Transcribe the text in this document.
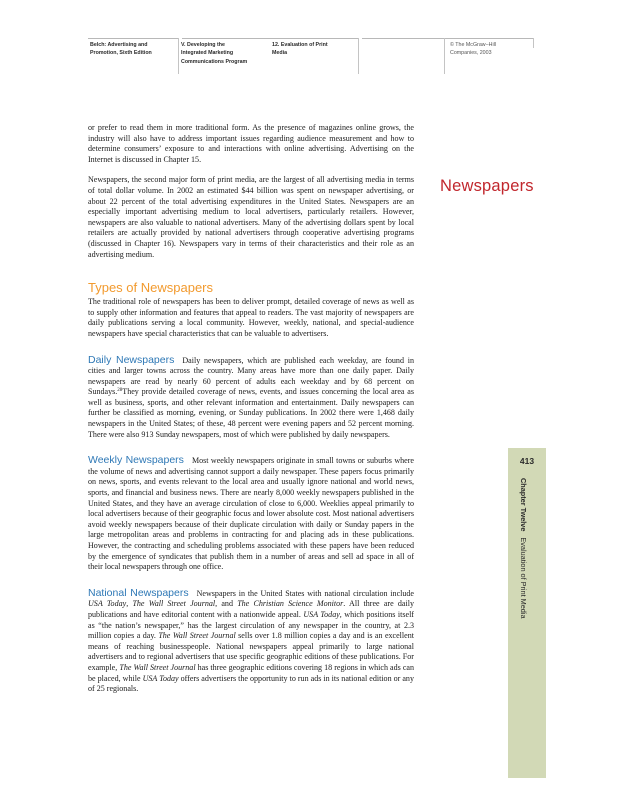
Belch: Advertising and
Promotion, Sixth Edition
V. Developing the
Integrated Marketing
Communications Program
12. Evaluation of Print
Media
© The McGraw−Hill
Companies, 2003
Newspapers

or prefer to read them in more traditional form. As the presence of magazines online grows, the industry will also have to address important issues regarding audience measurement and how to determine consumers’ exposure to and interactions with online advertising. Advertising on the Internet is discussed in Chapter 15.

Newspapers, the second major form of print media, are the largest of all advertising media in terms of total dollar volume. In 2002 an estimated $44 billion was spent on newspaper advertising, or about 22 percent of the total advertising expenditures in the United States. Newspapers are an especially important advertising medium to local advertisers, particularly retailers. However, newspapers are also valuable to national advertisers. Many of the advertising dollars spent by local retailers are actually provided by national advertisers through cooperative advertising programs (discussed in Chapter 16). Newspapers vary in terms of their characteristics and their role as an advertising medium.

Types of Newspapers

The traditional role of newspapers has been to deliver prompt, detailed coverage of news as well as to supply other information and features that appeal to readers. The vast majority of newspapers are daily publications serving a local community. However, weekly, national, and special-audience newspapers have special characteristics that can be valuable to advertisers.

Daily Newspapers Daily newspapers, which are published each weekday, are found in cities and larger towns across the country. Many areas have more than one daily paper. Daily newspapers are read by nearly 60 percent of adults each weekday and by 68 percent on Sundays.$^{28}$They provide detailed coverage of news, events, and issues concerning the local area as well as business, sports, and other relevant information and entertainment. Daily newspapers can further be classified as morning, evening, or Sunday publications. In 2002 there were 1,468 daily newspapers in the United States; of these, 48 percent were evening papers and 52 percent morning. There were also 913 Sunday newspapers, most of which were published by daily newspapers.

Weekly Newspapers Most weekly newspapers originate in small towns or suburbs where the volume of news and advertising cannot support a daily newspaper. These papers focus primarily on news, sports, and events relevant to the local area and usually ignore national and world news, sports, and financial and business news. There are nearly 8,000 weekly newspapers published in the United States, and they have an average circulation of close to 6,000. Weeklies appeal primarily to local advertisers because of their geographic focus and lower absolute cost. Most national advertisers avoid weekly newspapers because of their duplicate circulation with daily or Sunday papers in the large metropolitan areas and problems in contracting for and placing ads in these publications. However, the contracting and scheduling problems associated with these papers have been reduced by the emergence of syndicates that publish them in a number of areas and sell ad space in all of their local newspapers through one office.

National Newspapers Newspapers in the United States with national circulation include USA Today, The Wall Street Journal, and The Christian Science Monitor. All three are daily publications and have editorial content with a nationwide appeal. USA Today, which positions itself as “the nation’s newspaper,” has the largest circulation of any newspaper in the country, at 2.3 million copies a day. The Wall Street Journal sells over 1.8 million copies a day and is an excellent means of reaching businesspeople. National newspapers appeal primarily to large national advertisers and to regional advertisers that use specific geographic editions of these publications. For example, The Wall Street Journal has three geographic editions covering 18 regions in which ads can be placed, while USA Today offers advertisers the opportunity to run ads in its national edition or any of 25 regionals.

413
Chapter Twelve Evaluation of Print Media
